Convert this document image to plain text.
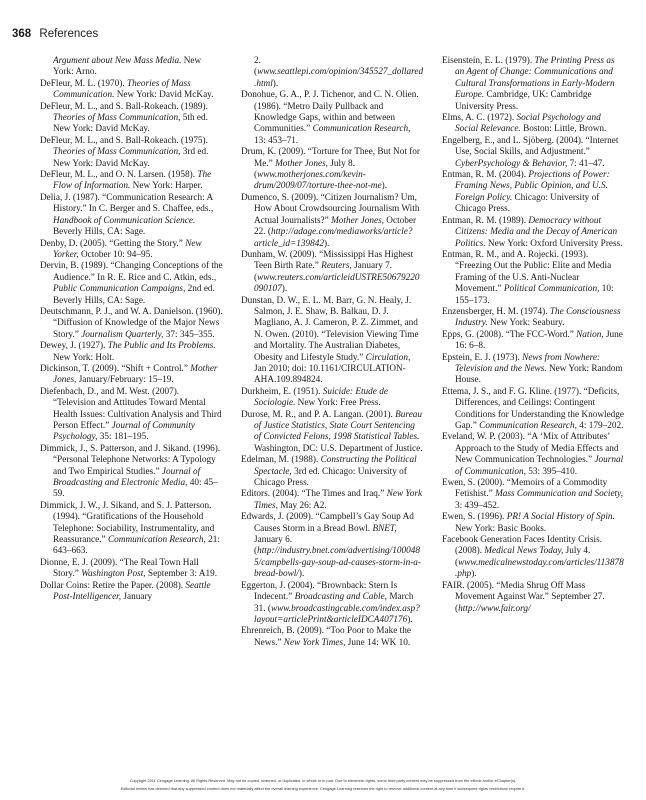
368 References

Argument about New Mass Media. New York: Arno.

DeFleur, M. L. (1970). Theories of Mass Communication. New York: David McKay.

DeFleur, M. L., and S. Ball-Rokeach. (1989). Theories of Mass Communication, 5th ed. New York: David McKay.

DeFleur, M. L., and S. Ball-Rokeach. (1975). Theories of Mass Communication, 3rd ed. New York: David McKay.

DeFleur, M. L., and O. N. Larsen. (1958). The Flow of Information. New York: Harper.

Delia, J. (1987). “Communication Research: A History.” In C. Berger and S. Chaffee, eds., Handbook of Communication Science. Beverly Hills, CA: Sage.

Denby, D. (2005). “Getting the Story.” New Yorker, October 10: 94–95.

Dervin, B. (1989). “Changing Conceptions of the Audience.” In R. E. Rice and C. Atkin, eds., Public Communication Campaigns, 2nd ed. Beverly Hills, CA: Sage.

Deutschmann, P. J., and W. A. Danielson. (1960). “Diffusion of Knowledge of the Major News Story.” Journalism Quarterly, 37: 345–355.

Dewey, J. (1927). The Public and Its Problems. New York: Holt.

Dickinson, T. (2009). “Shift + Control.” Mother Jones, January/February: 15–19.

Diefenbach, D., and M. West. (2007). “Television and Attitudes Toward Mental Health Issues: Cultivation Analysis and Third Person Effect.” Journal of Community Psychology, 35: 181–195.

Dimmick, J., S. Patterson, and J. Sikand. (1996). “Personal Telephone Networks: A Typology and Two Empirical Studies.” Journal of Broadcasting and Electronic Media, 40: 45–59.

Dimmick, J. W., J. Sikand, and S. J. Patterson. (1994). “Gratifications of the Household Telephone: Sociability, Instrumentality, and Reassurance.” Communication Research, 21: 643–663.

Dionne, E. J. (2009). “The Real Town Hall Story.” Washington Post, September 3: A19.

Dollar Coins: Retire the Paper. (2008). Seattle Post-Intelligencer, January

2. (www.seattlepi.com/opinion/345527_dollared.html).

Donohue, G. A., P. J. Tichenor, and C. N. Olien. (1986). “Metro Daily Pullback and Knowledge Gaps, within and between Communities.” Communication Research, 13: 453–71.

Drum, K. (2009). “Torture for Thee, But Not for Me.” Mother Jones, July 8. (www.motherjones.com/kevin-drum/2009/07/torture-thee-not-me).

Dumenco, S. (2009). “Citizen Journalism? Um, How About Crowdsourcing Journalism With Actual Journalists?” Mother Jones, October 22. (http://adage.com/mediaworks/article?article_id=139842).

Dunham, W. (2009). “Mississippi Has Highest Teen Birth Rate.” Reuters, January 7. (www.reuters.com/articleidUSTRE50679220090107).

Dunstan, D. W., E. L. M. Barr, G. N. Healy, J. Salmon, J. E. Shaw, B. Balkau, D. J. Magliano, A. J. Cameron, P. Z. Zimmet, and N. Owen. (2010). “Television Viewing Time and Mortality. The Australian Diabetes, Obesity and Lifestyle Study.” Circulation, Jan 2010; doi: 10.1161/CIRCULATION-AHA.109.894824.

Durkheim, E. (1951). Suicide: Etude de Sociologie. New York: Free Press.

Durose, M. R., and P. A. Langan. (2001). Bureau of Justice Statistics, State Court Sentencing of Convicted Felons, 1998 Statistical Tables. Washington, DC: U.S. Department of Justice.

Edelman, M. (1988). Constructing the Political Spectacle, 3rd ed. Chicago: University of Chicago Press.

Editors. (2004). “The Times and Iraq.” New York Times, May 26: A2.

Edwards, J. (2009). “Campbell’s Gay Soup Ad Causes Storm in a Bread Bowl. BNET, January 6. (http://industry.bnet.com/advertising/1000485/campbells-gay-soup-ad-causes-storm-in-a-bread-bowl/).

Eggerton, J. (2004). “Brownback: Stern Is Indecent.” Broadcasting and Cable, March 31. (www.broadcastingcable.com/index.asp?layout=articlePrint&articleIDCA407176).

Ehrenreich, B. (2009). “Too Poor to Make the News.” New York Times, June 14: WK 10.

Eisenstein, E. L. (1979). The Printing Press as an Agent of Change: Communications and Cultural Transformations in Early-Modern Europe. Cambridge, UK: Cambridge University Press.

Elms, A. C. (1972). Social Psychology and Social Relevance. Boston: Little, Brown.

Engelberg, E., and L. Sjöberg. (2004). “Internet Use, Social Skills, and Adjustment.” CyberPsychology & Behavior, 7: 41–47.

Entman, R. M. (2004). Projections of Power: Framing News, Public Opinion, and U.S. Foreign Policy. Chicago: University of Chicago Press.

Entman, R. M. (1989). Democracy without Citizens: Media and the Decay of American Politics. New York: Oxford University Press.

Entman, R. M., and A. Rojecki. (1993). “Freezing Out the Public: Elite and Media Framing of the U.S. Anti-Nuclear Movement.” Political Communication, 10: 155–173.

Enzensberger, H. M. (1974). The Consciousness Industry. New York: Seabury.

Epps, G. (2008). “The FCC-Word.” Nation, June 16: 6–8.

Epstein, E. J. (1973). News from Nowhere: Television and the News. New York: Random House.

Ettema, J. S., and F. G. Kline. (1977). “Deficits, Differences, and Ceilings: Contingent Conditions for Understanding the Knowledge Gap.” Communication Research, 4: 179–202.

Eveland, W. P. (2003). “A ‘Mix of Attributes’ Approach to the Study of Media Effects and New Communication Technologies.” Journal of Communication, 53: 395–410.

Ewen, S. (2000). “Memoirs of a Commodity Fetishist.” Mass Communication and Society, 3: 439–452.

Ewen, S. (1996). PR! A Social History of Spin. New York: Basic Books.

Facebook Generation Faces Identity Crisis. (2008). Medical News Today, July 4. (www.medicalnewstoday.com/articles/113878.php).

FAIR. (2005). “Media Shrug Off Mass Movement Against War.” September 27. (http://www.fair.org/

Copyright 2011 Cengage Learning. All Rights Reserved. May not be copied, scanned, or duplicated, in whole or in part. Due to electronic rights, some third party content may be suppressed from the eBook and/or eChapter(s).
Editorial review has deemed that any suppressed content does not materially affect the overall learning experience. Cengage Learning reserves the right to remove additional content at any time if subsequent rights restrictions require it.
